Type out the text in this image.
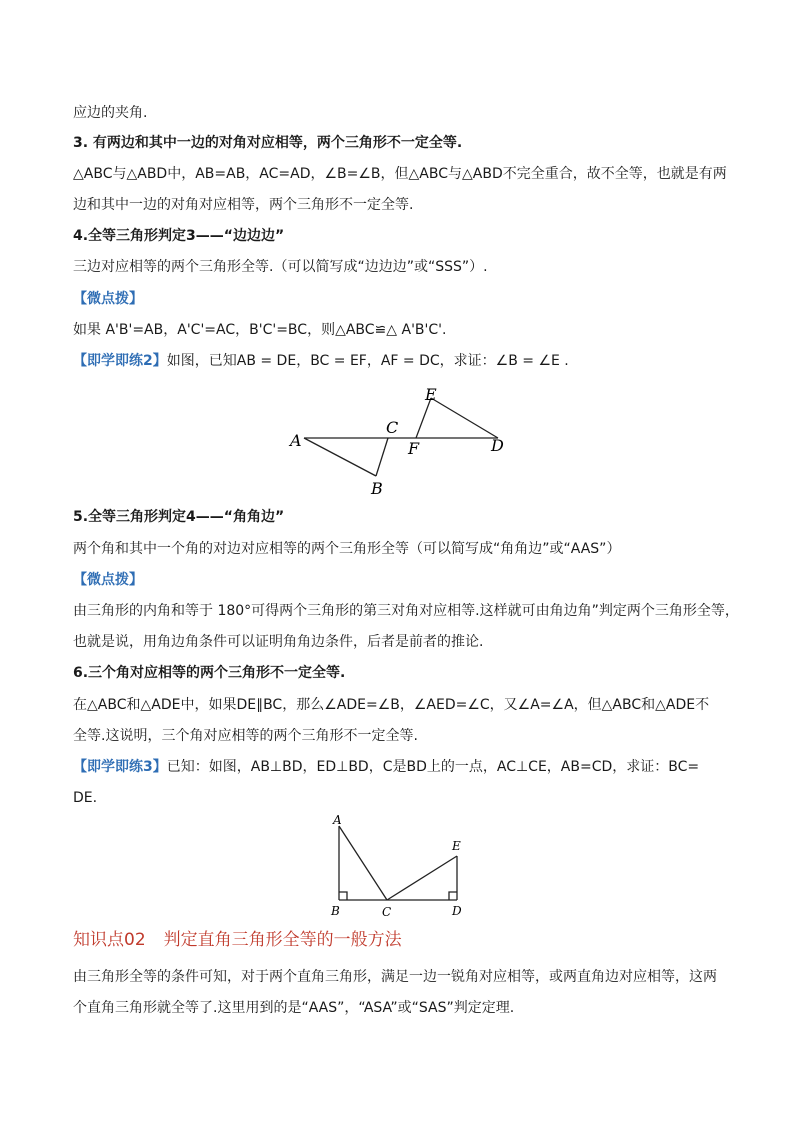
应边的夹角.
3. 有两边和其中一边的对角对应相等，两个三角形不一定全等.
△ABC与△ABD中，AB=AB，AC=AD，∠B=∠B，但△ABC与△ABD不完全重合，故不全等，也就是有两
边和其中一边的对角对应相等，两个三角形不一定全等.
4.全等三角形判定3——“边边边”
三边对应相等的两个三角形全等.（可以简写成“边边边”或“SSS”）.
【微点拨】
如果 A'B'=AB，A'C'=AC，B'C'=BC，则△ABC≌△ A'B'C'.
【即学即练2】如图，已知AB = DE，BC = EF，AF = DC，求证：∠B = ∠E .
A
B
C
D
E
F
5.全等三角形判定4——“角角边”
两个角和其中一个角的对边对应相等的两个三角形全等（可以简写成“角角边”或“AAS”）
【微点拨】
由三角形的内角和等于 180°可得两个三角形的第三对角对应相等.这样就可由角边角”判定两个三角形全等，
也就是说，用角边角条件可以证明角角边条件，后者是前者的推论.
6.三个角对应相等的两个三角形不一定全等.
在△ABC和△ADE中，如果DE∥BC，那么∠ADE=∠B，∠AED=∠C，又∠A=∠A，但△ABC和△ADE不
全等.这说明，三个角对应相等的两个三角形不一定全等.
【即学即练3】已知：如图，AB⊥BD，ED⊥BD，C是BD上的一点，AC⊥CE，AB=CD，求证：BC=
DE.
A
B	C	D
E
知识点02 判定直角三角形全等的一般方法
由三角形全等的条件可知，对于两个直角三角形，满足一边一锐角对应相等，或两直角边对应相等，这两
个直角三角形就全等了.这里用到的是“AAS”，“ASA”或“SAS”判定定理.
